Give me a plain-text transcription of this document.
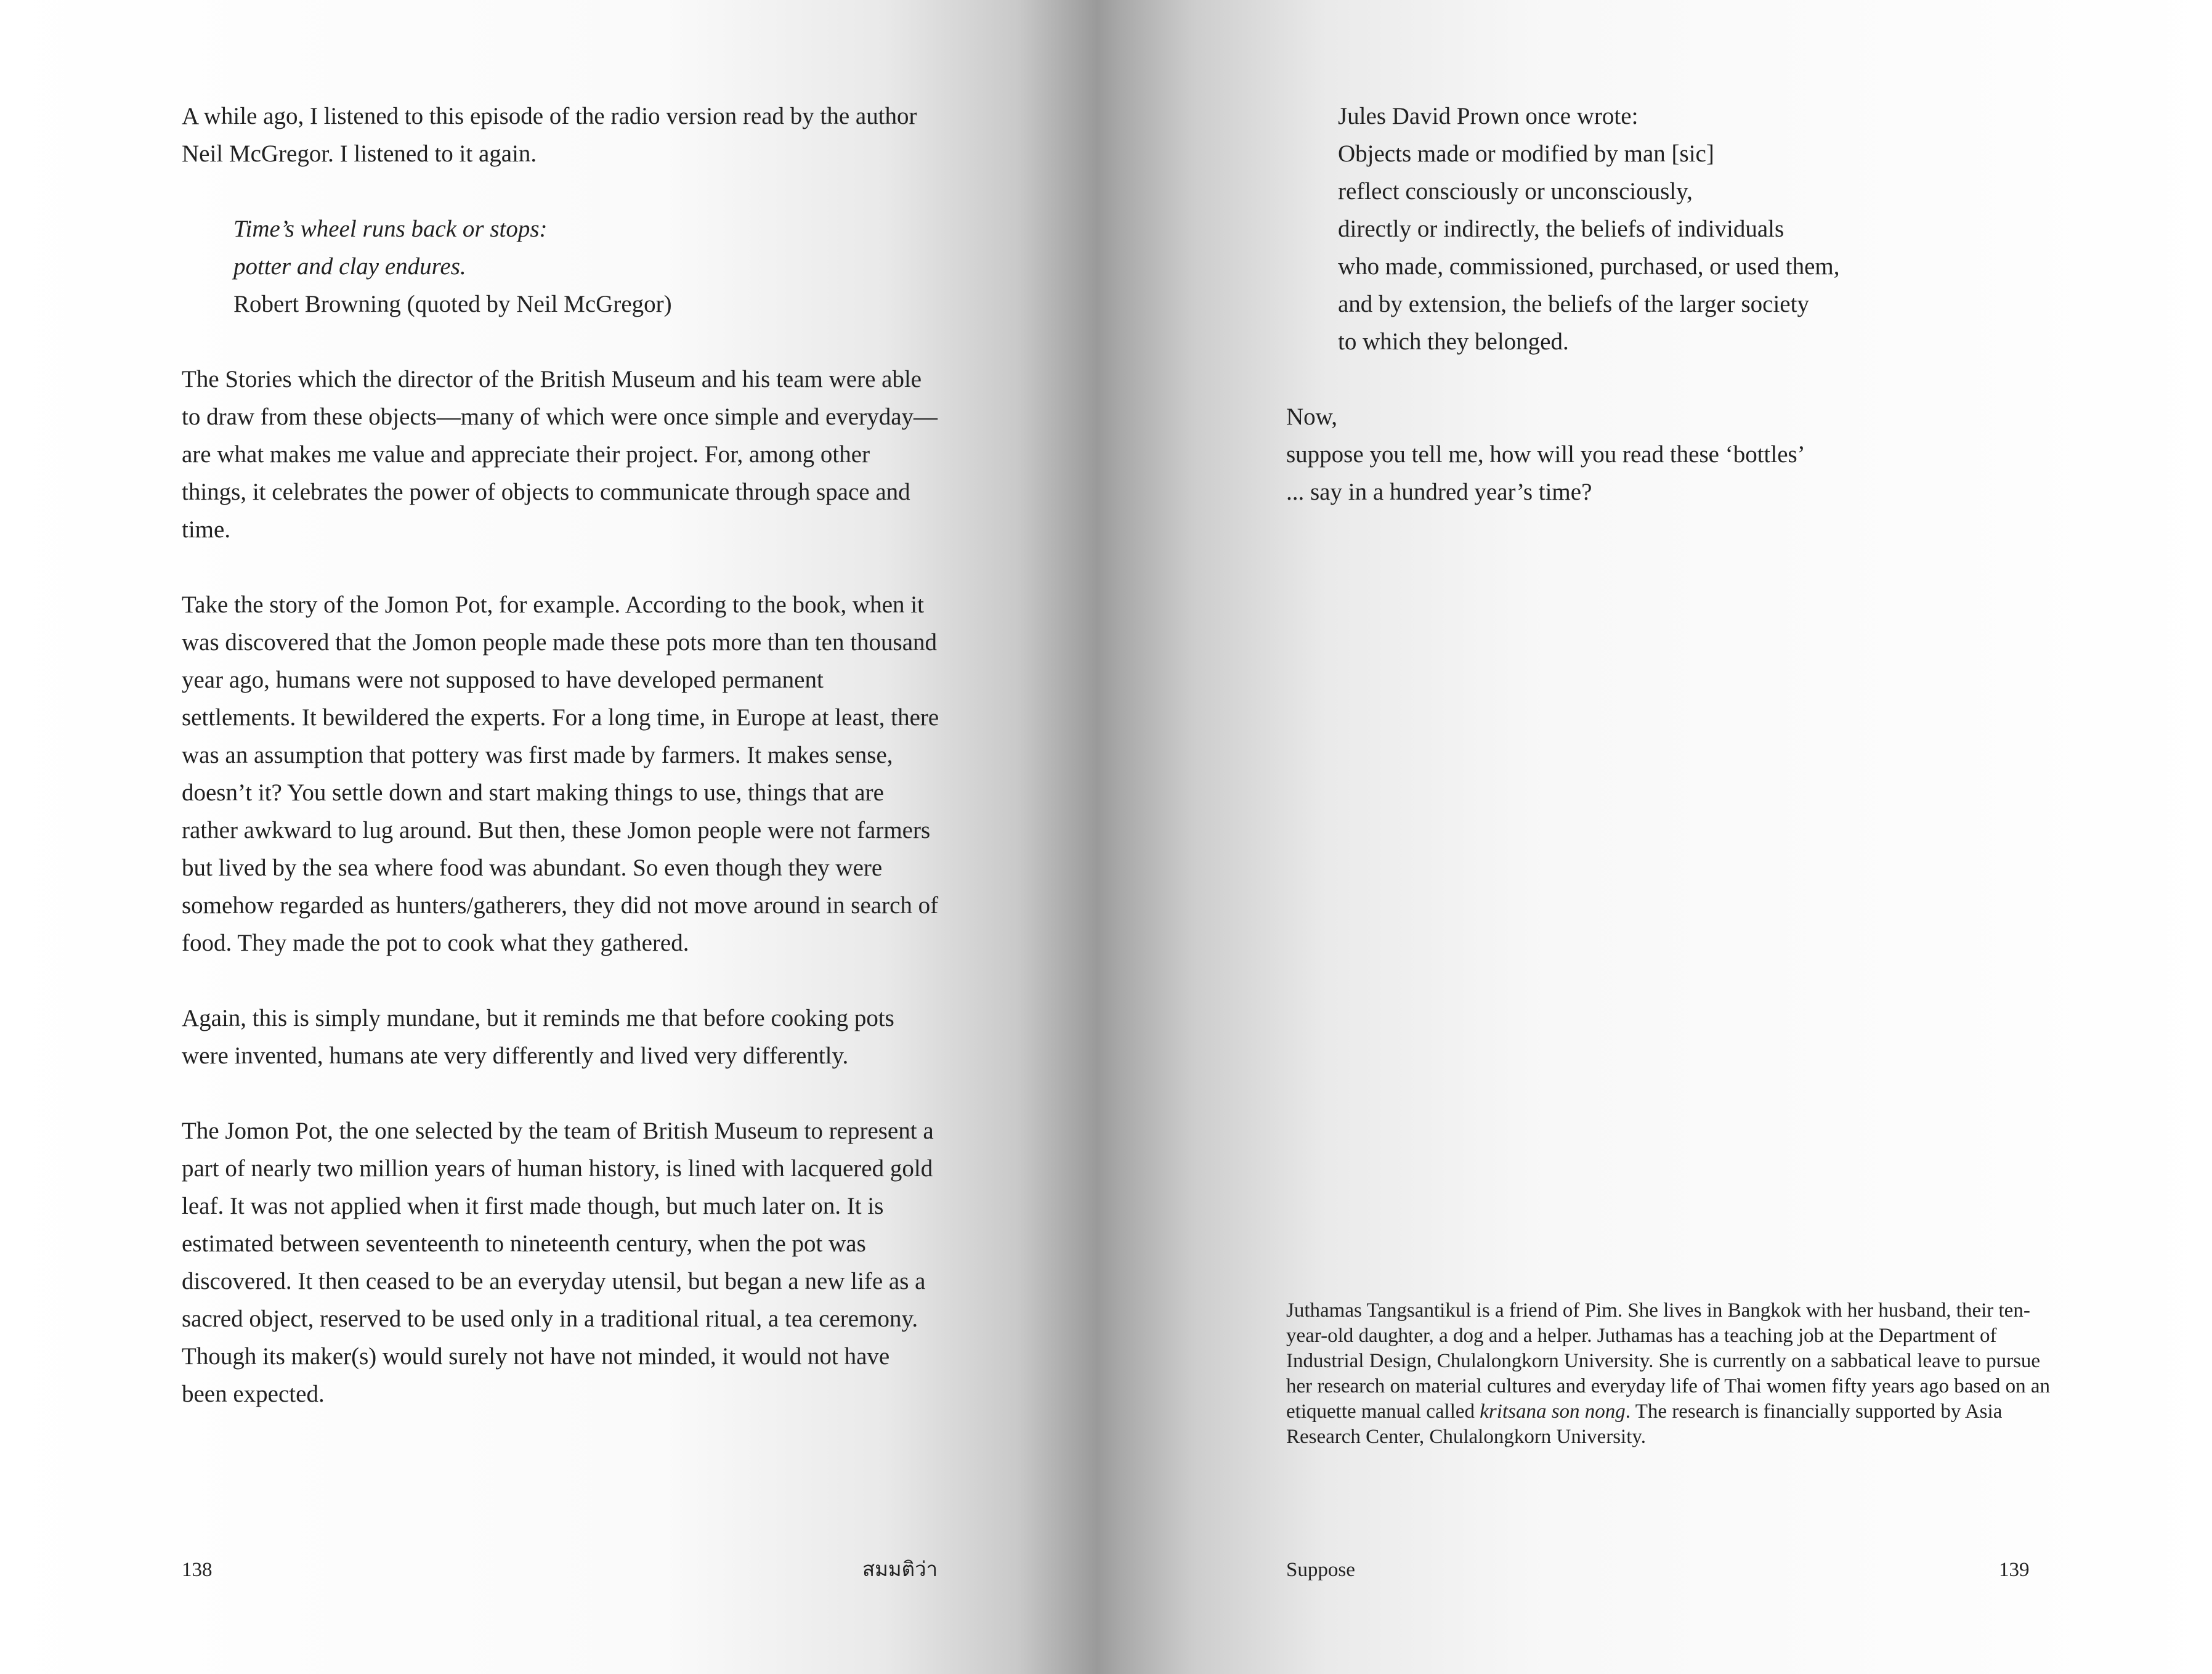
A while ago, I listened to this episode of the radio version read by the author Neil McGregor. I listened to it again.

Time’s wheel runs back or stops:
potter and clay endures.
Robert Browning (quoted by Neil McGregor)

The Stories which the director of the British Museum and his team were able to draw from these objects—many of which were once simple and everyday—are what makes me value and appreciate their project. For, among other things, it celebrates the power of objects to communicate through space and time.

Take the story of the Jomon Pot, for example. According to the book, when it was discovered that the Jomon people made these pots more than ten thousand year ago, humans were not supposed to have developed permanent settlements. It bewildered the experts. For a long time, in Europe at least, there was an assumption that pottery was first made by farmers. It makes sense, doesn’t it? You settle down and start making things to use, things that are rather awkward to lug around. But then, these Jomon people were not farmers but lived by the sea where food was abundant. So even though they were somehow regarded as hunters/gatherers, they did not move around in search of food. They made the pot to cook what they gathered.

Again, this is simply mundane, but it reminds me that before cooking pots were invented, humans ate very differently and lived very differently.

The Jomon Pot, the one selected by the team of British Museum to represent a part of nearly two million years of human history, is lined with lacquered gold leaf. It was not applied when it first made though, but much later on. It is estimated between seventeenth to nineteenth century, when the pot was discovered. It then ceased to be an everyday utensil, but began a new life as a sacred object, reserved to be used only in a traditional ritual, a tea ceremony. Though its maker(s) would surely not have not minded, it would not have been expected.

138	สมมติว่า
Jules David Prown once wrote:
Objects made or modified by man [sic]
reflect consciously or unconsciously,
directly or indirectly, the beliefs of individuals
who made, commissioned, purchased, or used them,
and by extension, the beliefs of the larger society
to which they belonged.
Now,
suppose you tell me, how will you read these ‘bottles’
... say in a hundred year’s time?
Juthamas Tangsantikul is a friend of Pim. She lives in Bangkok with her husband, their ten-year-old daughter, a dog and a helper. Juthamas has a teaching job at the Department of Industrial Design, Chulalongkorn University. She is currently on a sabbatical leave to pursue her research on material cultures and everyday life of Thai women fifty years ago based on an etiquette manual called kritsana son nong. The research is financially supported by Asia Research Center, Chulalongkorn University.
Suppose	139
